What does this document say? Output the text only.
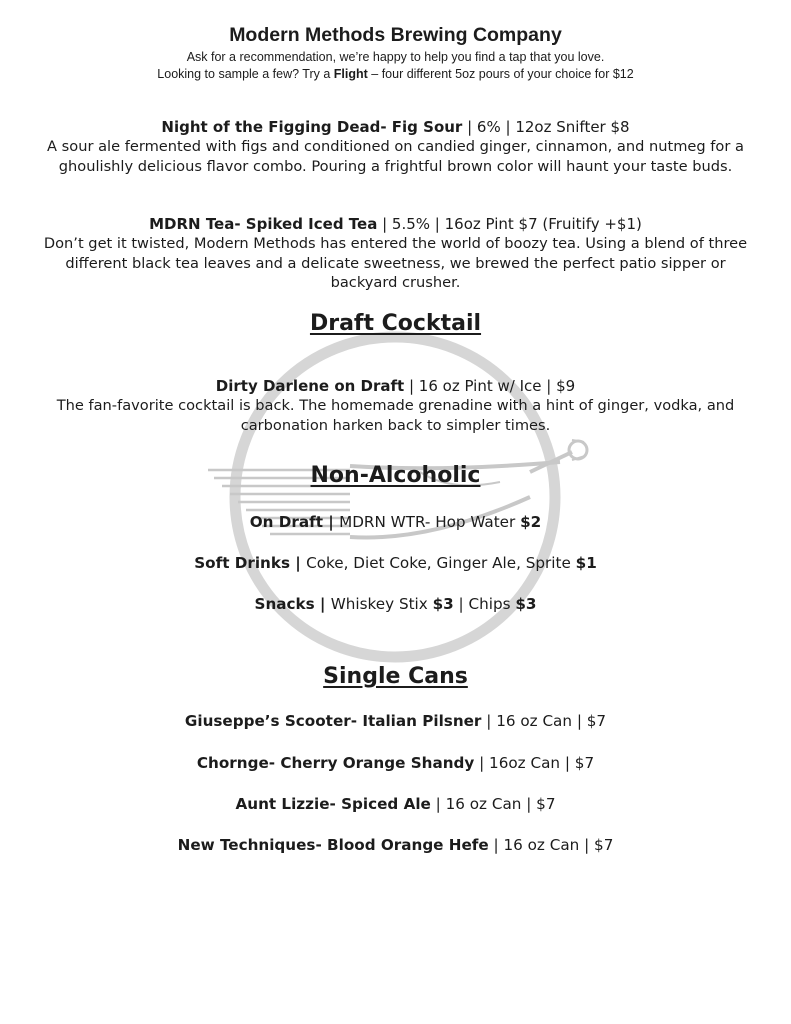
Modern Methods Brewing Company
Ask for a recommendation, we’re happy to help you find a tap that you love.
Looking to sample a few? Try a Flight – four different 5oz pours of your choice for $12
Night of the Figging Dead- Fig Sour | 6% | 12oz Snifter $8
A sour ale fermented with figs and conditioned on candied ginger, cinnamon, and nutmeg for a ghoulishly delicious flavor combo. Pouring a frightful brown color will haunt your taste buds.
MDRN Tea- Spiked Iced Tea | 5.5% | 16oz Pint $7 (Fruitify +$1)
Don’t get it twisted, Modern Methods has entered the world of boozy tea. Using a blend of three different black tea leaves and a delicate sweetness, we brewed the perfect patio sipper or backyard crusher.
Draft Cocktail
Dirty Darlene on Draft | 16 oz Pint w/ Ice | $9
The fan-favorite cocktail is back. The homemade grenadine with a hint of ginger, vodka, and carbonation harken back to simpler times.
Non-Alcoholic
On Draft | MDRN WTR- Hop Water $2
Soft Drinks | Coke, Diet Coke, Ginger Ale, Sprite $1
Snacks | Whiskey Stix $3 | Chips $3
Single Cans
Giuseppe’s Scooter- Italian Pilsner | 16 oz Can | $7
Chornge- Cherry Orange Shandy | 16oz Can | $7
Aunt Lizzie- Spiced Ale | 16 oz Can | $7
New Techniques- Blood Orange Hefe | 16 oz Can | $7
